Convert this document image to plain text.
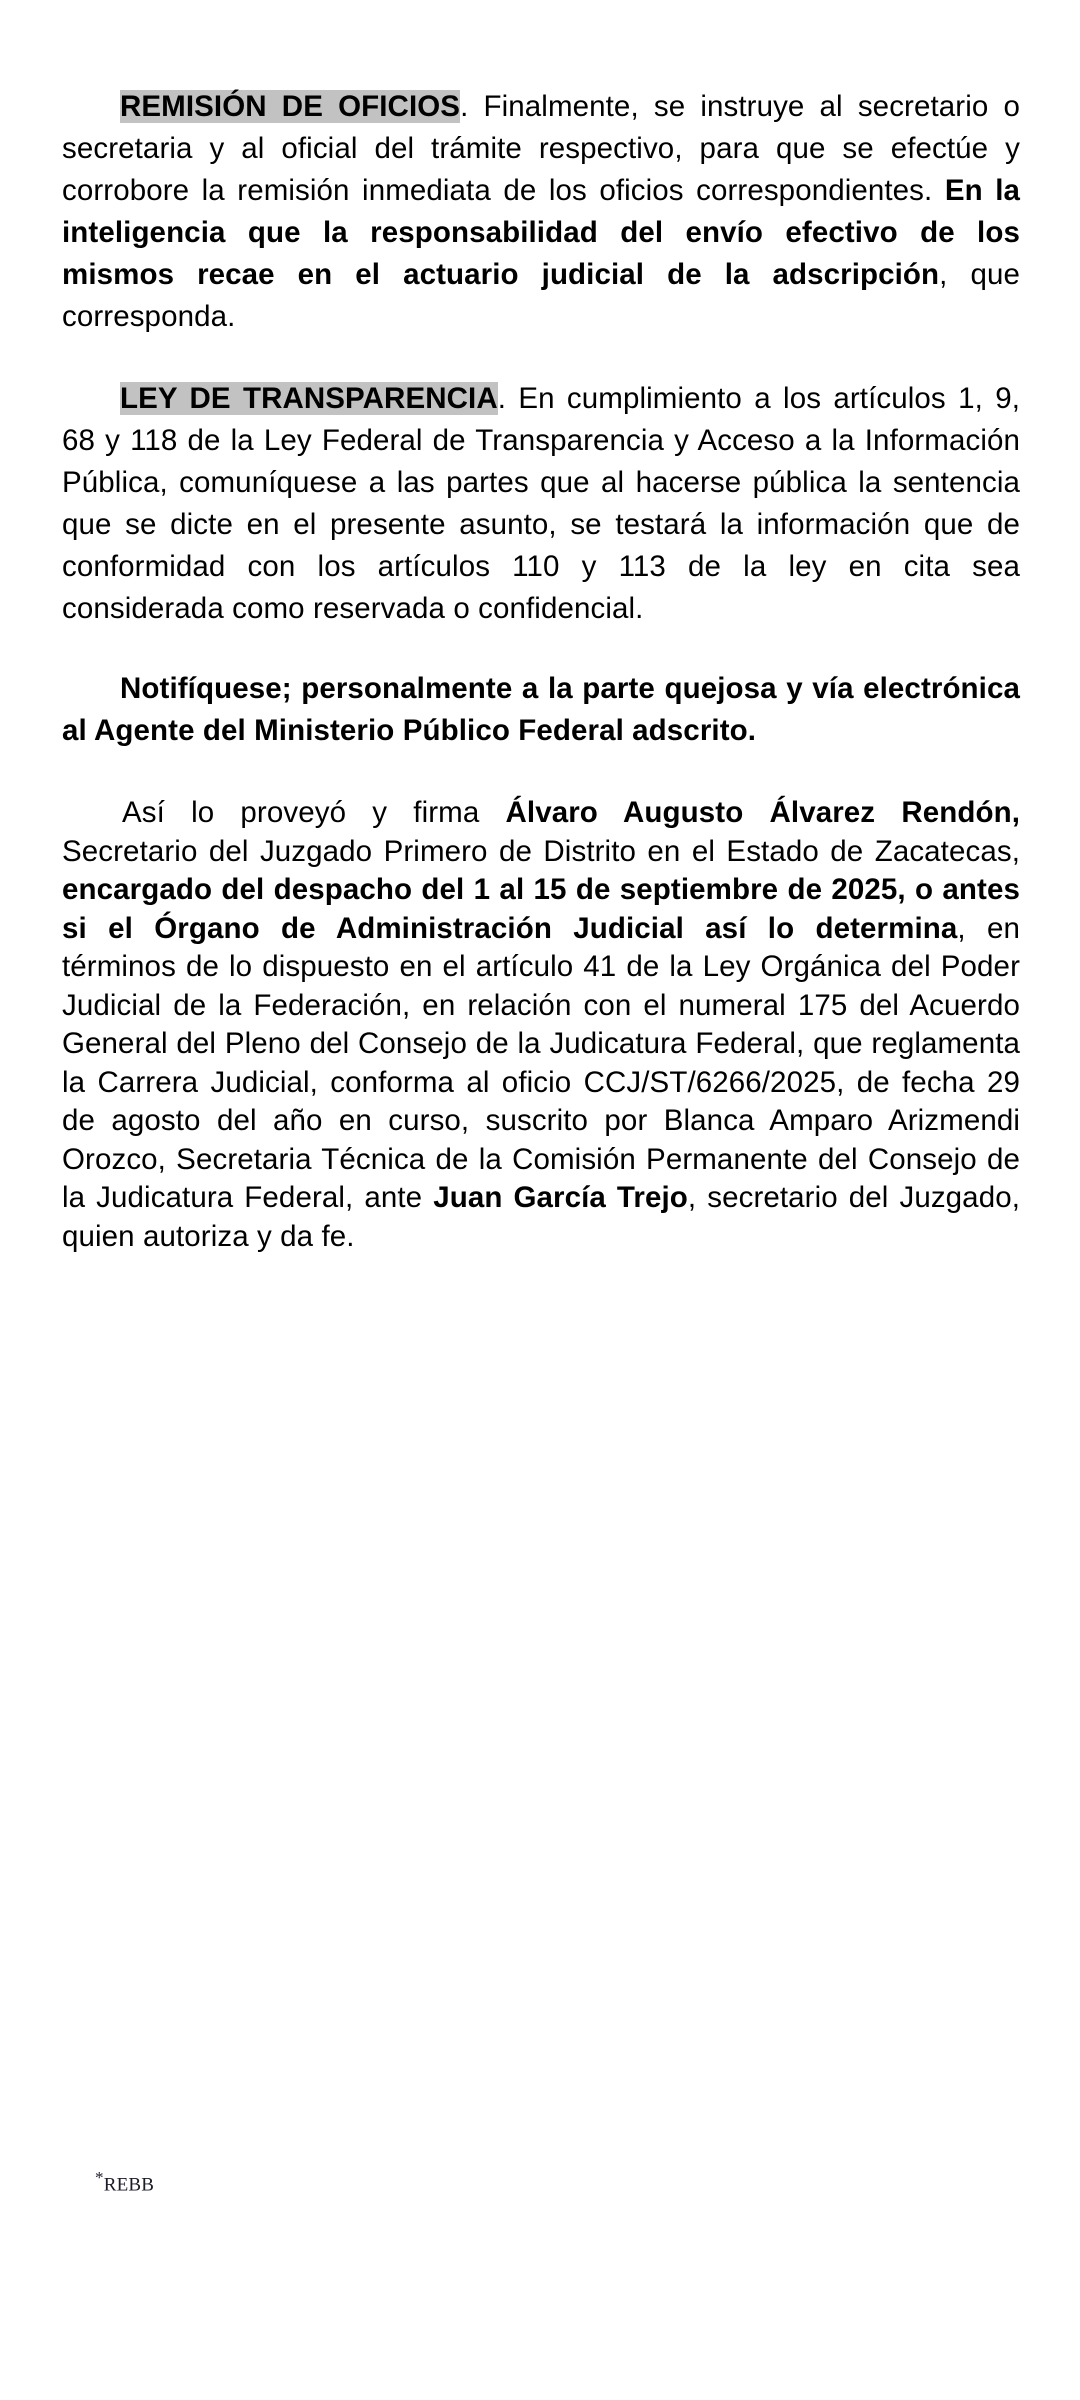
REMISIÓN DE OFICIOS. Finalmente, se instruye al secretario o secretaria y al oficial del trámite respectivo, para que se efectúe y corrobore la remisión inmediata de los oficios correspondientes. En la inteligencia que la responsabilidad del envío efectivo de los mismos recae en el actuario judicial de la adscripción, que corresponda.

LEY DE TRANSPARENCIA. En cumplimiento a los artículos 1, 9, 68 y 118 de la Ley Federal de Transparencia y Acceso a la Información Pública, comuníquese a las partes que al hacerse pública la sentencia que se dicte en el presente asunto, se testará la información que de conformidad con los artículos 110 y 113 de la ley en cita sea considerada como reservada o confidencial.

Notifíquese; personalmente a la parte quejosa y vía electrónica al Agente del Ministerio Público Federal adscrito.

Así lo proveyó y firma Álvaro Augusto Álvarez Rendón, Secretario del Juzgado Primero de Distrito en el Estado de Zacatecas, encargado del despacho del 1 al 15 de septiembre de 2025, o antes si el Órgano de Administración Judicial así lo determina, en términos de lo dispuesto en el artículo 41 de la Ley Orgánica del Poder Judicial de la Federación, en relación con el numeral 175 del Acuerdo General del Pleno del Consejo de la Judicatura Federal, que reglamenta la Carrera Judicial, conforma al oficio CCJ/ST/6266/2025, de fecha 29 de agosto del año en curso, suscrito por Blanca Amparo Arizmendi Orozco, Secretaria Técnica de la Comisión Permanente del Consejo de la Judicatura Federal, ante Juan García Trejo, secretario del Juzgado, quien autoriza y da fe.

*REBB
